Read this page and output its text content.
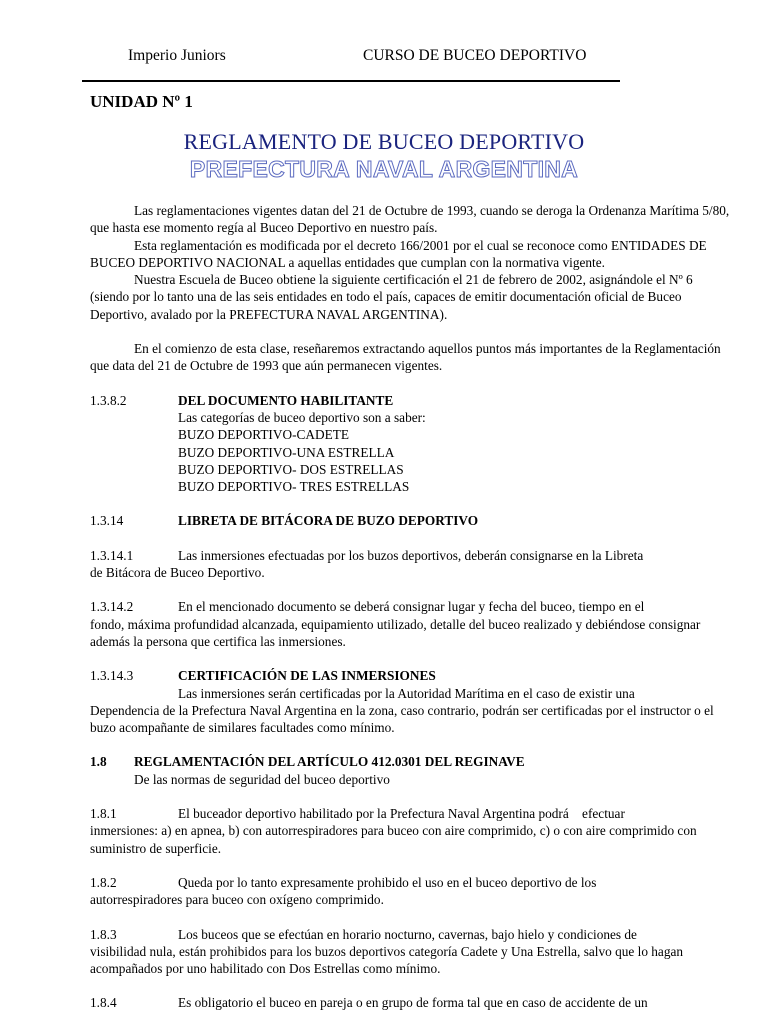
Imperio Juniors	CURSO DE BUCEO DEPORTIVO
UNIDAD Nº 1
REGLAMENTO DE BUCEO DEPORTIVO
PREFECTURA NAVAL ARGENTINA

Las reglamentaciones vigentes datan del 21 de Octubre de 1993, cuando se deroga la Ordenanza Marítima 5/80, que hasta ese momento regía al Buceo Deportivo en nuestro país.

Esta reglamentación es modificada por el decreto 166/2001 por el cual se reconoce como ENTIDADES DE BUCEO DEPORTIVO NACIONAL a aquellas entidades que cumplan con la normativa vigente.

Nuestra Escuela de Buceo obtiene la siguiente certificación el 21 de febrero de 2002, asignándole el Nº 6 (siendo por lo tanto una de las seis entidades en todo el país, capaces de emitir documentación oficial de Buceo Deportivo, avalado por la PREFECTURA NAVAL ARGENTINA).

En el comienzo de esta clase, reseñaremos extractando aquellos puntos más importantes de la Reglamentación que data del 21 de Octubre de 1993 que aún permanecen vigentes.

1.3.8.2	DEL DOCUMENTO HABILITANTE
Las categorías de buceo deportivo son a saber:
BUZO DEPORTIVO-CADETE
BUZO DEPORTIVO-UNA ESTRELLA
BUZO DEPORTIVO- DOS ESTRELLAS
BUZO DEPORTIVO- TRES ESTRELLAS
1.3.14	LIBRETA DE BITÁCORA DE BUZO DEPORTIVO
1.3.14.1	Las inmersiones efectuadas por los buzos deportivos, deberán consignarse en la Libreta
de Bitácora de Buceo Deportivo.
1.3.14.2	En el mencionado documento se deberá consignar lugar y fecha del buceo, tiempo en el
fondo, máxima profundidad alcanzada, equipamiento utilizado, detalle del buceo realizado y debiéndose consignar además la persona que certifica las inmersiones.
1.3.14.3	CERTIFICACIÓN DE LAS INMERSIONES
Las inmersiones serán certificadas por la Autoridad Marítima en el caso de existir una
Dependencia de la Prefectura Naval Argentina en la zona, caso contrario, podrán ser certificadas por el instructor o el buzo acompañante de similares facultades como mínimo.
1.8	REGLAMENTACIÓN DEL ARTÍCULO 412.0301 DEL REGINAVE
De las normas de seguridad del buceo deportivo
1.8.1	El buceador deportivo habilitado por la Prefectura Naval Argentina podrá    efectuar
inmersiones: a) en apnea, b) con autorrespiradores para buceo con aire comprimido, c) o con aire comprimido con suministro de superficie.
1.8.2	Queda por lo tanto expresamente prohibido el uso en el buceo deportivo de los
autorrespiradores para buceo con oxígeno comprimido.
1.8.3	Los buceos que se efectúan en horario nocturno, cavernas, bajo hielo y condiciones de
visibilidad nula, están prohibidos para los buzos deportivos categoría Cadete y Una Estrella, salvo que lo hagan acompañados por uno habilitado con Dos Estrellas como mínimo.
1.8.4	Es obligatorio el buceo en pareja o en grupo de forma tal que en caso de accidente de un
